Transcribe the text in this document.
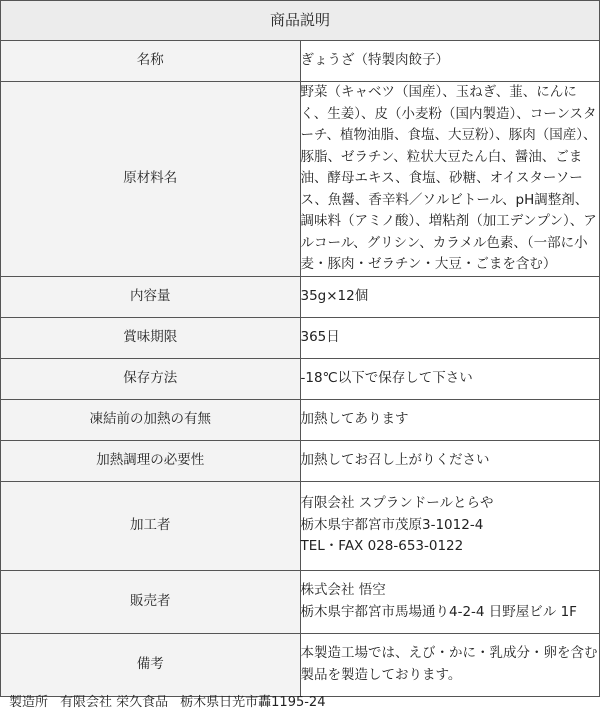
商品説明	
名称	ぎょうざ（特製肉餃子）
原材料名	野菜（キャベツ（国産）、玉ねぎ、韮、にんにく、生姜）、皮（小麦粉（国内製造）、コーンスターチ、植物油脂、食塩、大豆粉）、豚肉（国産）、豚脂、ゼラチン、粒状大豆たん白、醤油、ごま油、酵母エキス、食塩、砂糖、オイスターソース、魚醤、香辛料／ソルビトール、pH調整剤、調味料（アミノ酸）、増粘剤（加工デンプン）、アルコール、グリシン、カラメル色素、（一部に小麦・豚肉・ゼラチン・大豆・ごまを含む）
内容量	35g×12個
賞味期限	365日
保存方法	-18℃以下で保存して下さい
凍結前の加熱の有無	加熱してあります
加熱調理の必要性	加熱してお召し上がりください
加工者	有限会社 スプランドールとらや
栃木県宇都宮市茂原3-1012-4
TEL・FAX 028-653-0122

販売者	株式会社 悟空
栃木県宇都宮市馬場通り4-2-4 日野屋ビル 1F

備考	本製造工場では、えび・かに・乳成分・卵を含む製品を製造しております。
製造所 有限会社 栄久食品 栃木県日光市轟1195-24
